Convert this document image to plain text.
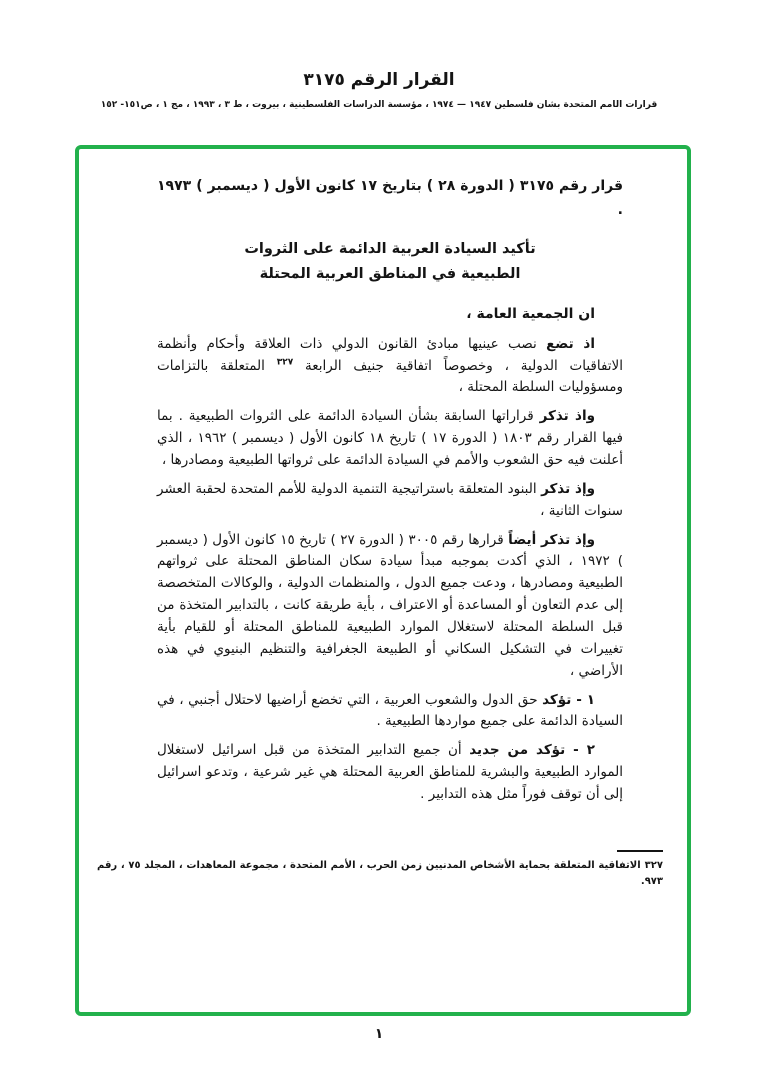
القرار الرقم ٣١٧٥
قرارات الأمم المتحدة بشأن فلسطين ١٩٤٧ — ١٩٧٤ ، مؤسسة الدراسات الفلسطينية ، بيروت ، ط ٣ ، ١٩٩٣ ، مج ١ ، ص١٥١- ١٥٢

قرار رقم ٣١٧٥ ( الدورة ٢٨ ) بتاريخ ١٧ كانون الأول ( ديسمبر ) ١٩٧٣ .

تأكيد السيادة العربية الدائمة على الثروات
الطبيعية في المناطق العربية المحتلة

ان الجمعية العامة ،

اذ تضع نصب عينيها مبادئ القانون الدولي ذات العلاقة وأحكام وأنظمة الاتفاقيات الدولية ، وخصوصاً اتفاقية جنيف الرابعة $^{٣٢٧}$ المتعلقة بالتزامات ومسؤوليات السلطة المحتلة ،

واذ تذكر قراراتها السابقة بشأن السيادة الدائمة على الثروات الطبيعية . بما فيها القرار رقم ١٨٠٣ ( الدورة ١٧ ) تاريخ ١٨ كانون الأول ( ديسمبر ) ١٩٦٢ ، الذي أعلنت فيه حق الشعوب والأمم في السيادة الدائمة على ثرواتها الطبيعية ومصادرها ،

وإذ تذكر البنود المتعلقة باستراتيجية التنمية الدولية للأمم المتحدة لحقبة العشر سنوات الثانية ،

وإذ تذكر أيضاً قرارها رقم ٣٠٠٥ ( الدورة ٢٧ ) تاريخ ١٥ كانون الأول ( ديسمبر ) ١٩٧٢ ، الذي أكدت بموجبه مبدأ سيادة سكان المناطق المحتلة على ثرواتهم الطبيعية ومصادرها ، ودعت جميع الدول ، والمنظمات الدولية ، والوكالات المتخصصة إلى عدم التعاون أو المساعدة أو الاعتراف ، بأية طريقة كانت ، بالتدابير المتخذة من قبل السلطة المحتلة لاستغلال الموارد الطبيعية للمناطق المحتلة أو للقيام بأية تغييرات في التشكيل السكاني أو الطبيعة الجغرافية والتنظيم البنيوي في هذه الأراضي ،

١ - تؤكد حق الدول والشعوب العربية ، التي تخضع أراضيها لاحتلال أجنبي ، في السيادة الدائمة على جميع مواردها الطبيعية .

٢ - تؤكد من جديد أن جميع التدابير المتخذة من قبل اسرائيل لاستغلال الموارد الطبيعية والبشرية للمناطق العربية المحتلة هي غير شرعية ، وتدعو اسرائيل إلى أن توقف فوراً مثل هذه التدابير .

٣٢٧الاتفاقية المتعلقة بحماية الأشخاص المدنيين زمن الحرب ، الأمم المتحدة ، مجموعة المعاهدات ، المجلد ٧٥ ، رقم ٩٧٣.

١
